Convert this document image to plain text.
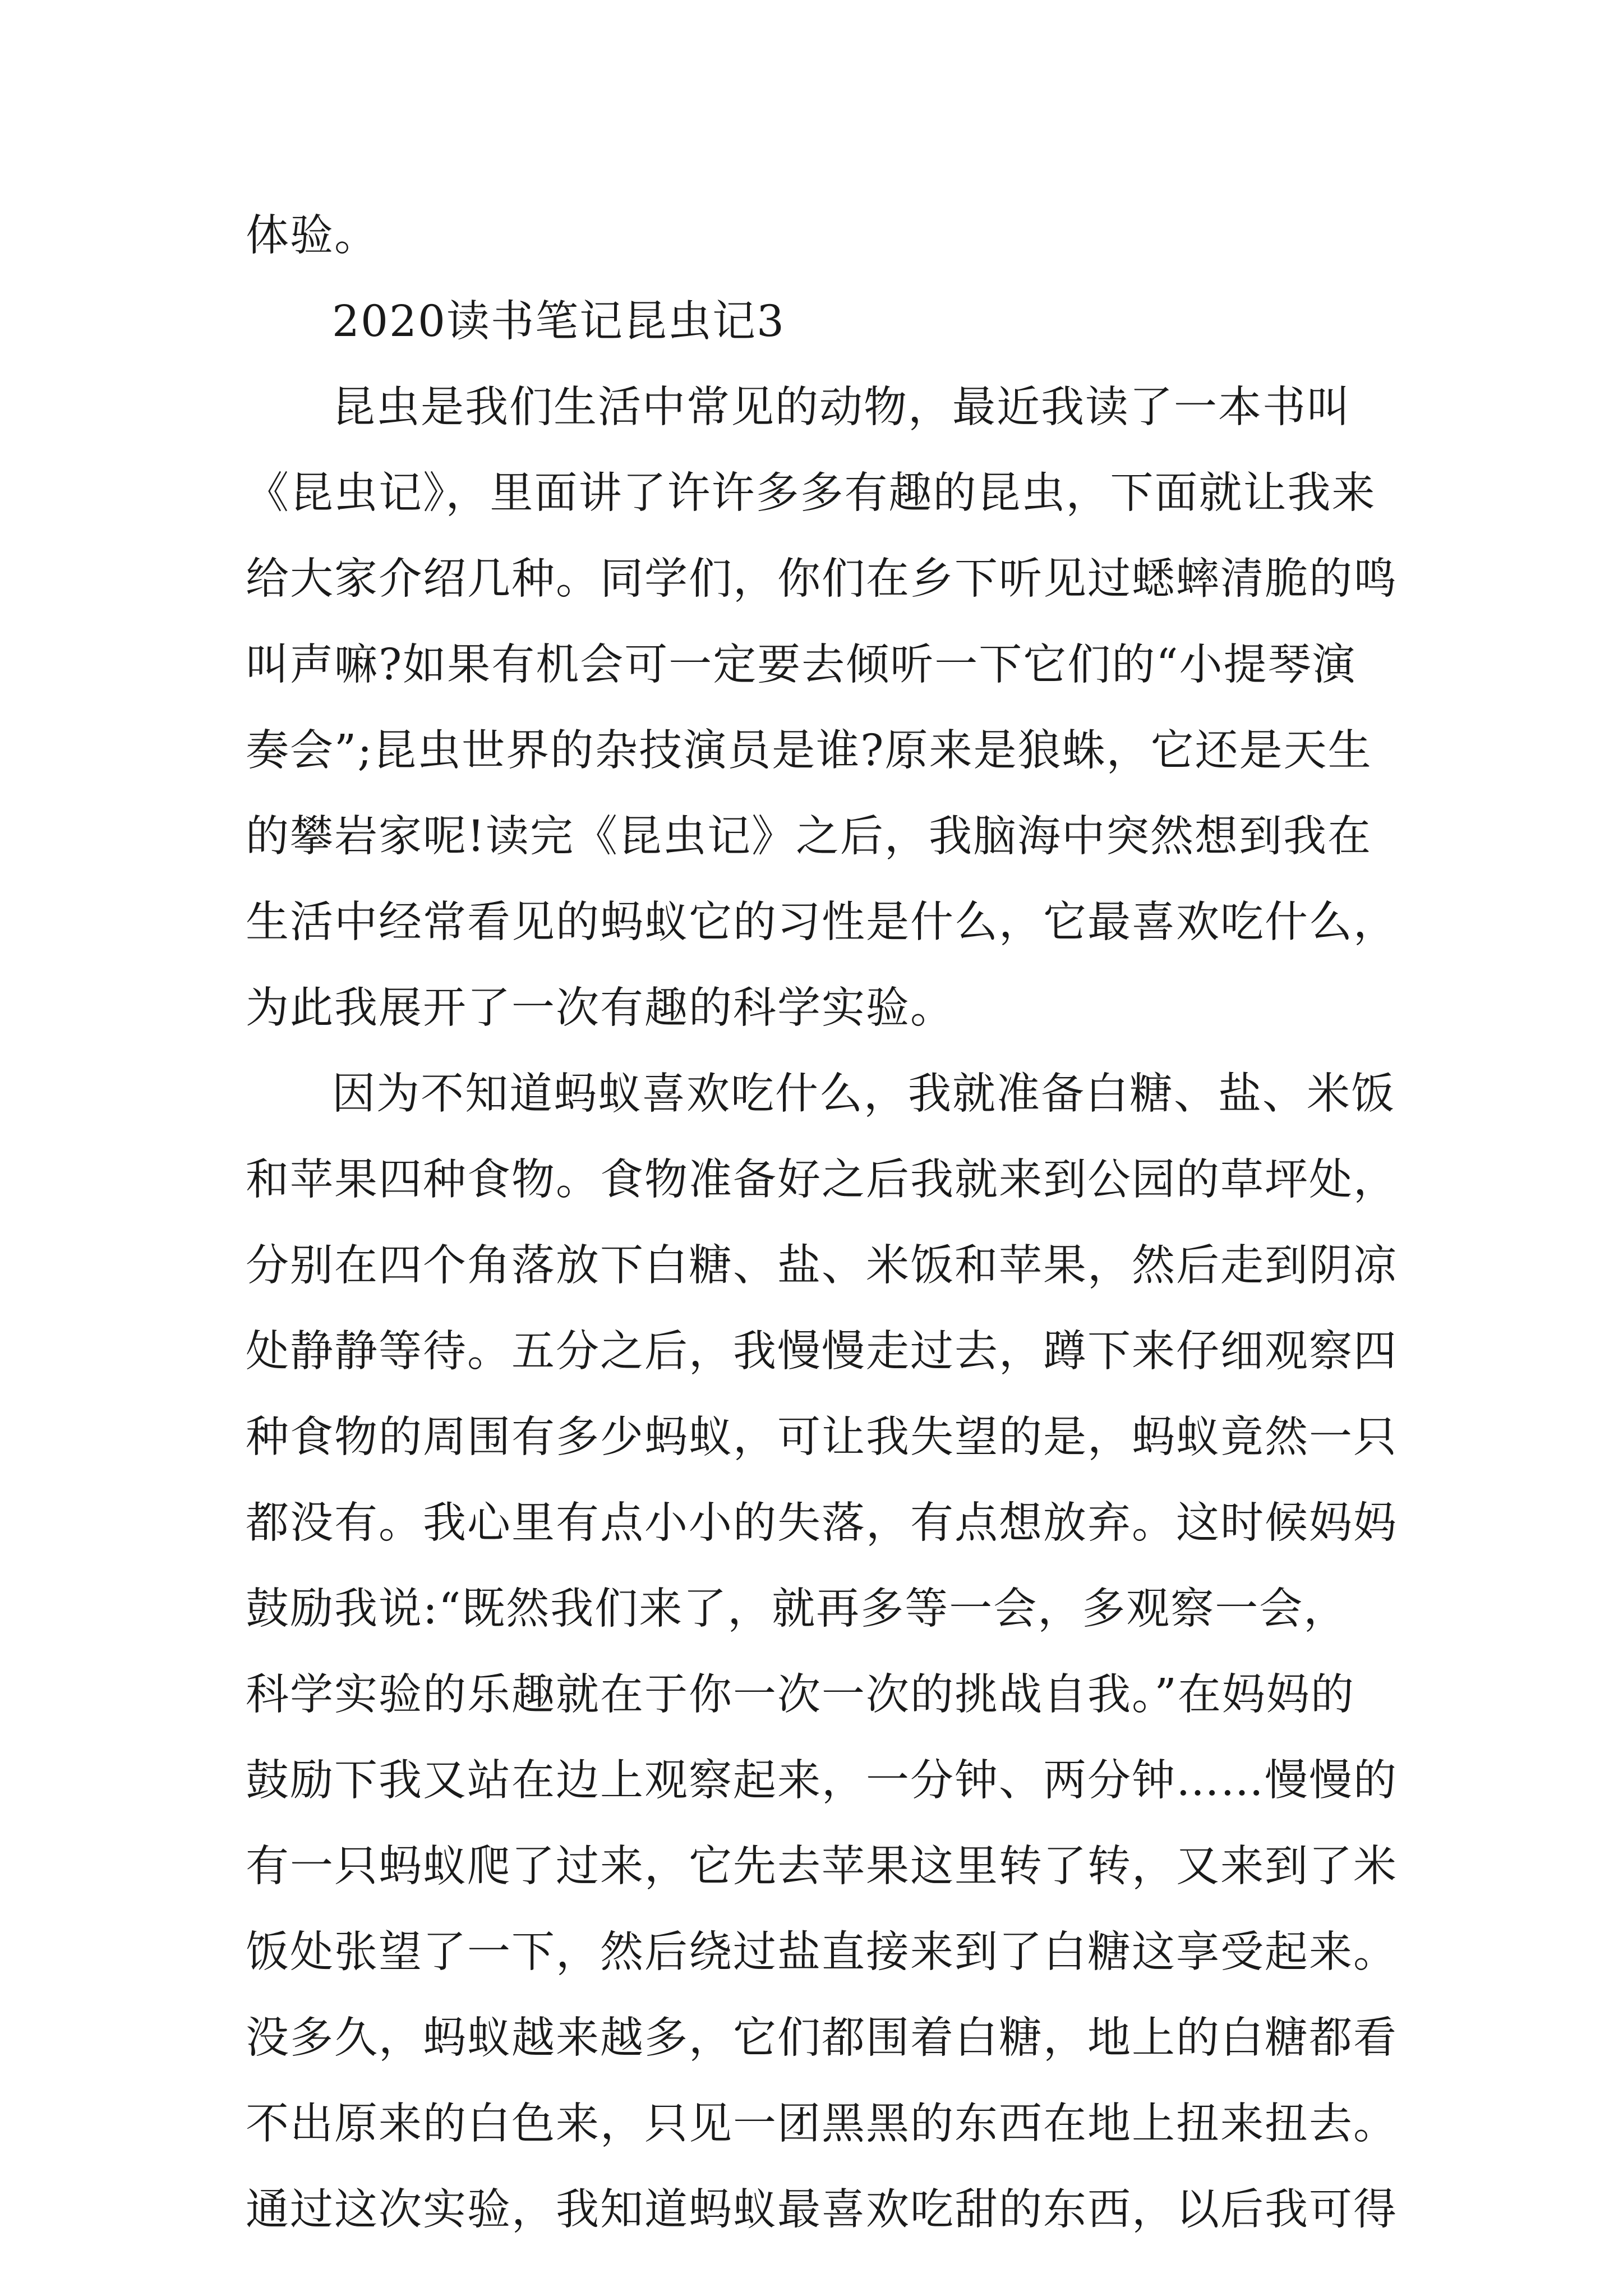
体验。
2020读书笔记昆虫记3
昆虫是我们生活中常见的动物，最近我读了一本书叫
《昆虫记》，里面讲了许许多多有趣的昆虫，下面就让我来
给大家介绍几种。同学们，你们在乡下听见过蟋蟀清脆的鸣
叫声嘛?如果有机会可一定要去倾听一下它们的“小提琴演
奏会”;昆虫世界的杂技演员是谁?原来是狼蛛，它还是天生
的攀岩家呢!读完《昆虫记》之后，我脑海中突然想到我在
生活中经常看见的蚂蚁它的习性是什么，它最喜欢吃什么，
为此我展开了一次有趣的科学实验。
因为不知道蚂蚁喜欢吃什么，我就准备白糖、盐、米饭
和苹果四种食物。食物准备好之后我就来到公园的草坪处，
分别在四个角落放下白糖、盐、米饭和苹果，然后走到阴凉
处静静等待。五分之后，我慢慢走过去，蹲下来仔细观察四
种食物的周围有多少蚂蚁，可让我失望的是，蚂蚁竟然一只
都没有。我心里有点小小的失落，有点想放弃。这时候妈妈
鼓励我说:“既然我们来了，就再多等一会，多观察一会，
科学实验的乐趣就在于你一次一次的挑战自我。”在妈妈的
鼓励下我又站在边上观察起来，一分钟、两分钟……慢慢的
有一只蚂蚁爬了过来，它先去苹果这里转了转，又来到了米
饭处张望了一下，然后绕过盐直接来到了白糖这享受起来。
没多久，蚂蚁越来越多，它们都围着白糖，地上的白糖都看
不出原来的白色来，只见一团黑黑的东西在地上扭来扭去。
通过这次实验，我知道蚂蚁最喜欢吃甜的东西，以后我可得
